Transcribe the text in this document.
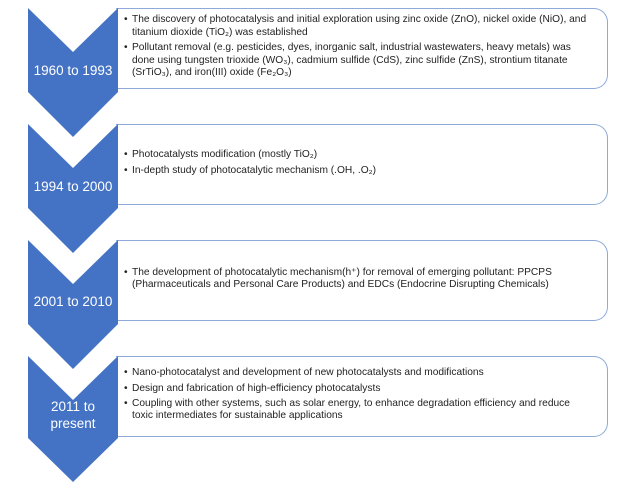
• The discovery of photocatalysis and initial exploration using zinc oxide (ZnO), nickel oxide (NiO), and titanium dioxide (TiO₂) was established
• Pollutant removal (e.g. pesticides, dyes, inorganic salt, industrial wastewaters, heavy metals) was done using tungsten trioxide (WO₃), cadmium sulfide (CdS), zinc sulfide (ZnS), strontium titanate (SrTiO₃), and iron(III) oxide (Fe₂O₃)
• Photocatalysts modification (mostly TiO₂)
• In-depth study of photocatalytic mechanism (.OH, .O₂)
• The development of photocatalytic mechanism(h⁺) for removal of emerging pollutant: PPCPS (Pharmaceuticals and Personal Care Products) and EDCs (Endocrine Disrupting Chemicals)
• Nano-photocatalyst and development of new photocatalysts and modifications
• Design and fabrication of high-efficiency photocatalysts
• Coupling with other systems, such as solar energy, to enhance degradation efficiency and reduce toxic intermediates for sustainable applications
1960 to 1993
1994 to 2000
2001 to 2010
2011 to present
